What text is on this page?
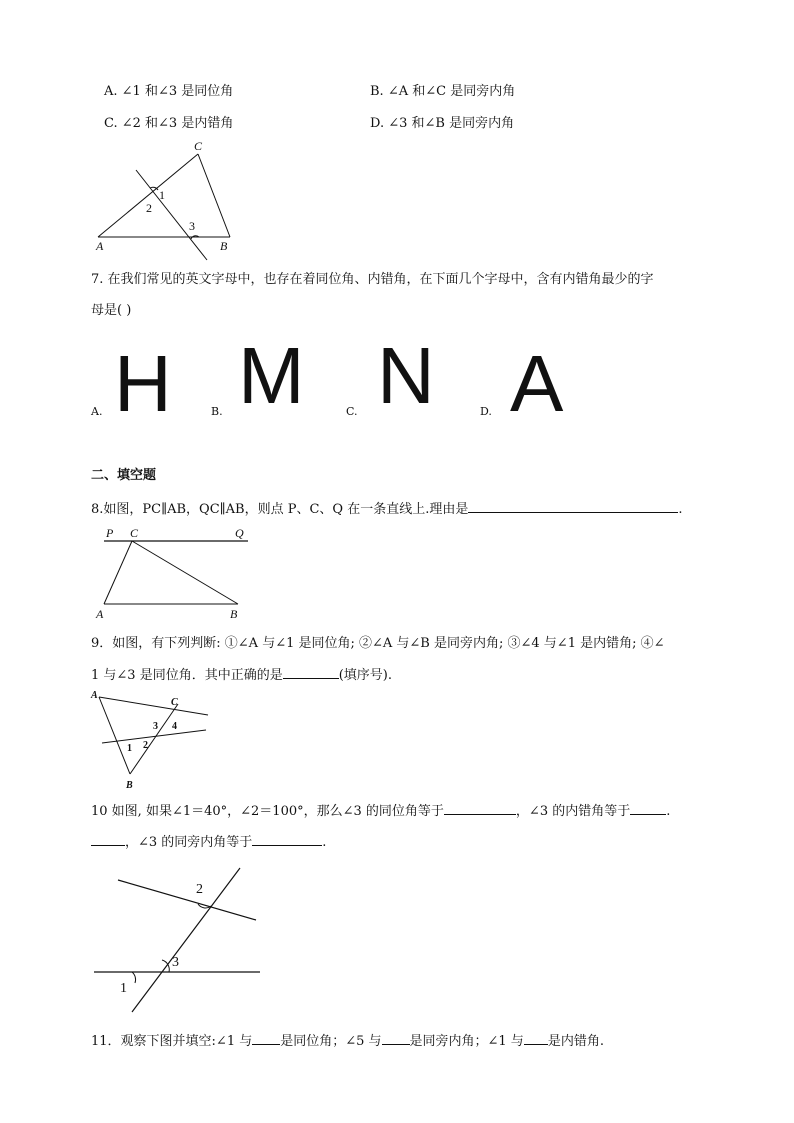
A. ∠1 和∠3 是同位角	B. ∠A 和∠C 是同旁内角
C. ∠2 和∠3 是内错角	D. ∠3 和∠B 是同旁内角
C
1
2
3
A	B
7. 在我们常见的英文字母中，也存在着同位角、内错角，在下面几个字母中，含有内错角最少的字
母是( )
A. H	B. M	C. N	D. A
二、填空题
8.如图，PC∥AB，QC∥AB，则点 P、C、Q 在一条直线上.理由是	.
P C	Q
A	B
9．如图，有下列判断: ①∠A 与∠1 是同位角; ②∠A 与∠B 是同旁内角; ③∠4 与∠1 是内错角; ④∠
1 与∠3 是同位角．其中正确的是	(填序号).
A
C
3 4
1 2
B
10 如图, 如果∠1＝40°，∠2＝100°，那么∠3 的同位角等于	，∠3 的内错角等于	.
，∠3 的同旁内角等于	.
2
3
1
11．观察下图并填空:∠1 与 是同位角；∠5 与 是同旁内角；∠1 与 是内错角.
